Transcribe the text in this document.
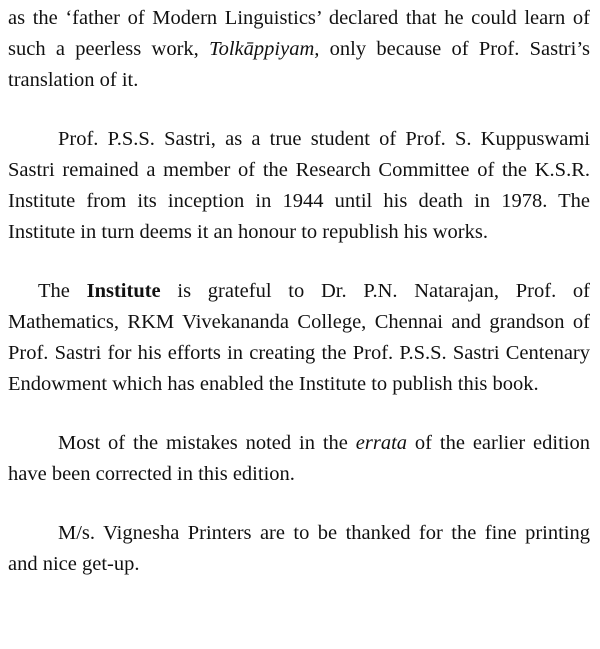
as the ‘father of Modern Linguistics’ declared that he could learn of such a peerless work, Tolkāppiyam, only because of Prof. Sastri’s translation of it.

Prof. P.S.S. Sastri, as a true student of Prof. S. Kuppuswami Sastri remained a member of the Research Committee of the K.S.R. Institute from its inception in 1944 until his death in 1978. The Institute in turn deems it an honour to republish his works.

The Institute is grateful to Dr. P.N. Natarajan, Prof. of Mathematics, RKM Vivekananda College, Chennai and grandson of Prof. Sastri for his efforts in creating the Prof. P.S.S. Sastri Centenary Endowment which has enabled the Institute to publish this book.

Most of the mistakes noted in the errata of the earlier edition have been corrected in this edition.

M/s. Vignesha Printers are to be thanked for the fine printing and nice get-up.
